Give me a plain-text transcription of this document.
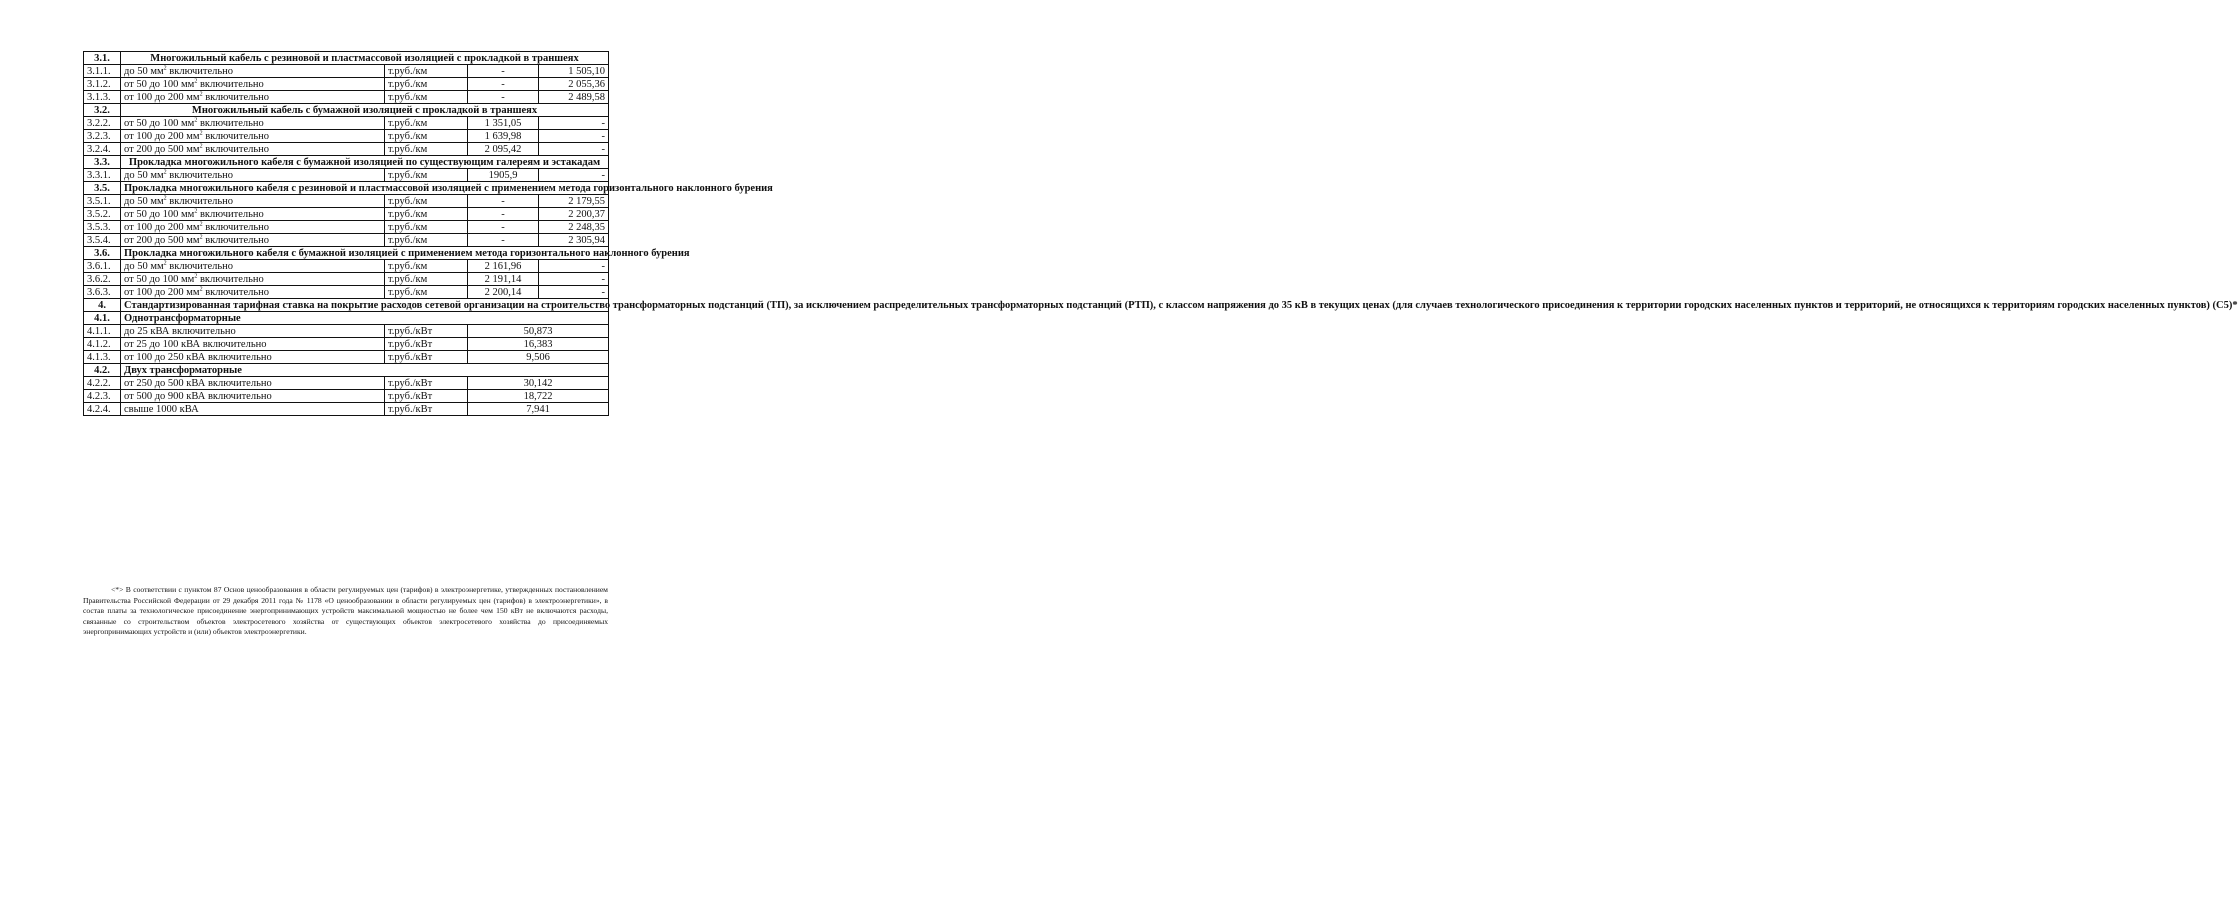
3.1.	Многожильный кабель с резиновой и пластмассовой изоляцией с прокладкой в траншеях			
3.1.1.	до 50 $мм^2$ включительно	т.руб./км	-	1 505,10
3.1.2.	от 50 до 100 $мм^2$ включительно	т.руб./км	-	2 055,36
3.1.3.	от 100 до 200 $мм^2$ включительно	т.руб./км	-	2 489,58
3.2.	Многожильный кабель с бумажной изоляцией с прокладкой в траншеях			
3.2.2.	от 50 до 100 $мм^2$ включительно	т.руб./км	1 351,05	-
3.2.3.	от 100 до 200 $мм^2$ включительно	т.руб./км	1 639,98	-
3.2.4.	от 200 до 500 $мм^2$ включительно	т.руб./км	2 095,42	-
3.3.	Прокладка многожильного кабеля с бумажной изоляцией по существующим галереям и эстакадам			
3.3.1.	до 50 $мм^2$ включительно	т.руб./км	1905,9	-
3.5.	Прокладка многожильного кабеля с резиновой и пластмассовой изоляцией с применением метода горизонтального наклонного бурения			
3.5.1.	до 50 $мм^2$ включительно	т.руб./км	-	2 179,55
3.5.2.	от 50 до 100 $мм^2$ включительно	т.руб./км	-	2 200,37
3.5.3.	от 100 до 200 $мм^2$ включительно	т.руб./км	-	2 248,35
3.5.4.	от 200 до 500 $мм^2$ включительно	т.руб./км	-	2 305,94
3.6.	Прокладка многожильного кабеля с бумажной изоляцией с применением метода горизонтального наклонного бурения			
3.6.1.	до 50 $мм^2$ включительно	т.руб./км	2 161,96	-
3.6.2.	от 50 до 100 $мм^2$ включительно	т.руб./км	2 191,14	-
3.6.3.	от 100 до 200 $мм^2$ включительно	т.руб./км	2 200,14	-
4.	Стандартизированная тарифная ставка на покрытие расходов сетевой организации на строительство трансформаторных подстанций (ТП), за исключением распределительных трансформаторных подстанций (РТП), с классом напряжения до 35 кВ в текущих ценах (для случаев технологического присоединения к территории городских населенных пунктов и территорий, не относящихся к территориям городских населенных пунктов) (С5)*			
4.1.	Однотрансформаторные			
4.1.1.	до 25 кВА включительно	т.руб./кВт	50,873	
4.1.2.	от 25 до 100 кВА включительно	т.руб./кВт	16,383	
4.1.3.	от 100 до 250 кВА включительно	т.руб./кВт	9,506	
4.2.	Двух трансформаторные			
4.2.2.	от 250 до 500 кВА включительно	т.руб./кВт	30,142	
4.2.3.	от 500 до 900 кВА включительно	т.руб./кВт	18,722	
4.2.4.	свыше 1000 кВА	т.руб./кВт	7,941	

<*> В соответствии с пунктом 87 Основ ценообразования в области регулируемых цен (тарифов) в электроэнергетике, утвержденных постановлением Правительства Российской Федерации от 29 декабря 2011 года № 1178 «О ценообразовании в области регулируемых цен (тарифов) в электроэнергетики», в состав платы за технологическое присоединение энергопринимающих устройств максимальной мощностью не более чем 150 кВт не включаются расходы, связанные со строительством объектов электросетевого хозяйства от существующих объектов электросетевого хозяйства до присоединяемых энергопринимающих устройств и (или) объектов электроэнергетики.
